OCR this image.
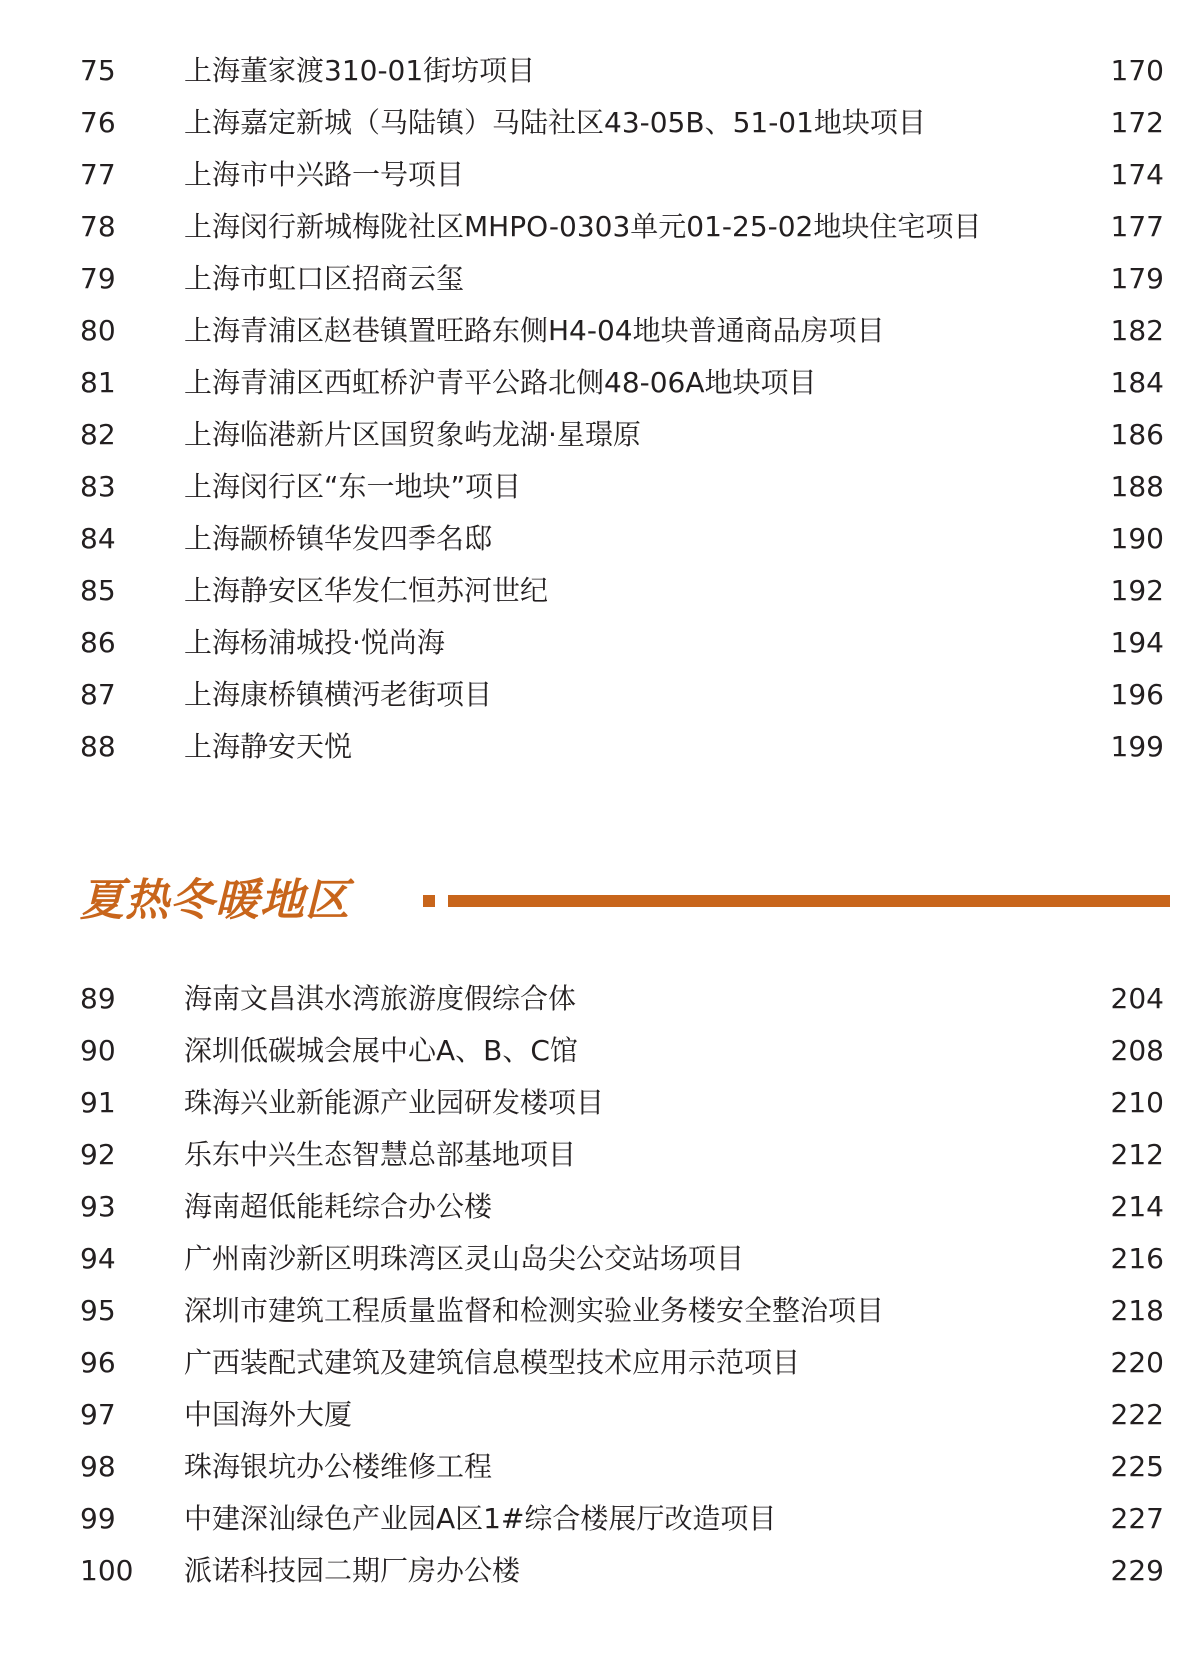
75 上海董家渡310-01街坊项目	170
76 上海嘉定新城（马陆镇）马陆社区43-05B、51-01地块项目	172
77 上海市中兴路一号项目	174
78 上海闵行新城梅陇社区MHPO-0303单元01-25-02地块住宅项目	177
79 上海市虹口区招商云玺	179
80 上海青浦区赵巷镇置旺路东侧H4-04地块普通商品房项目	182
81 上海青浦区西虹桥沪青平公路北侧48-06A地块项目	184
82 上海临港新片区国贸象屿龙湖·星璟原	186
83 上海闵行区“东一地块”项目	188
84 上海颛桥镇华发四季名邸	190
85 上海静安区华发仁恒苏河世纪	192
86 上海杨浦城投·悦尚海	194
87 上海康桥镇横沔老街项目	196
88 上海静安天悦	199
夏热冬暖地区
89 海南文昌淇水湾旅游度假综合体	204
90 深圳低碳城会展中心A、B、C馆	208
91 珠海兴业新能源产业园研发楼项目	210
92 乐东中兴生态智慧总部基地项目	212
93 海南超低能耗综合办公楼	214
94 广州南沙新区明珠湾区灵山岛尖公交站场项目	216
95 深圳市建筑工程质量监督和检测实验业务楼安全整治项目	218
96 广西装配式建筑及建筑信息模型技术应用示范项目	220
97 中国海外大厦	222
98 珠海银坑办公楼维修工程	225
99 中建深汕绿色产业园A区1#综合楼展厅改造项目	227
100 派诺科技园二期厂房办公楼	229
